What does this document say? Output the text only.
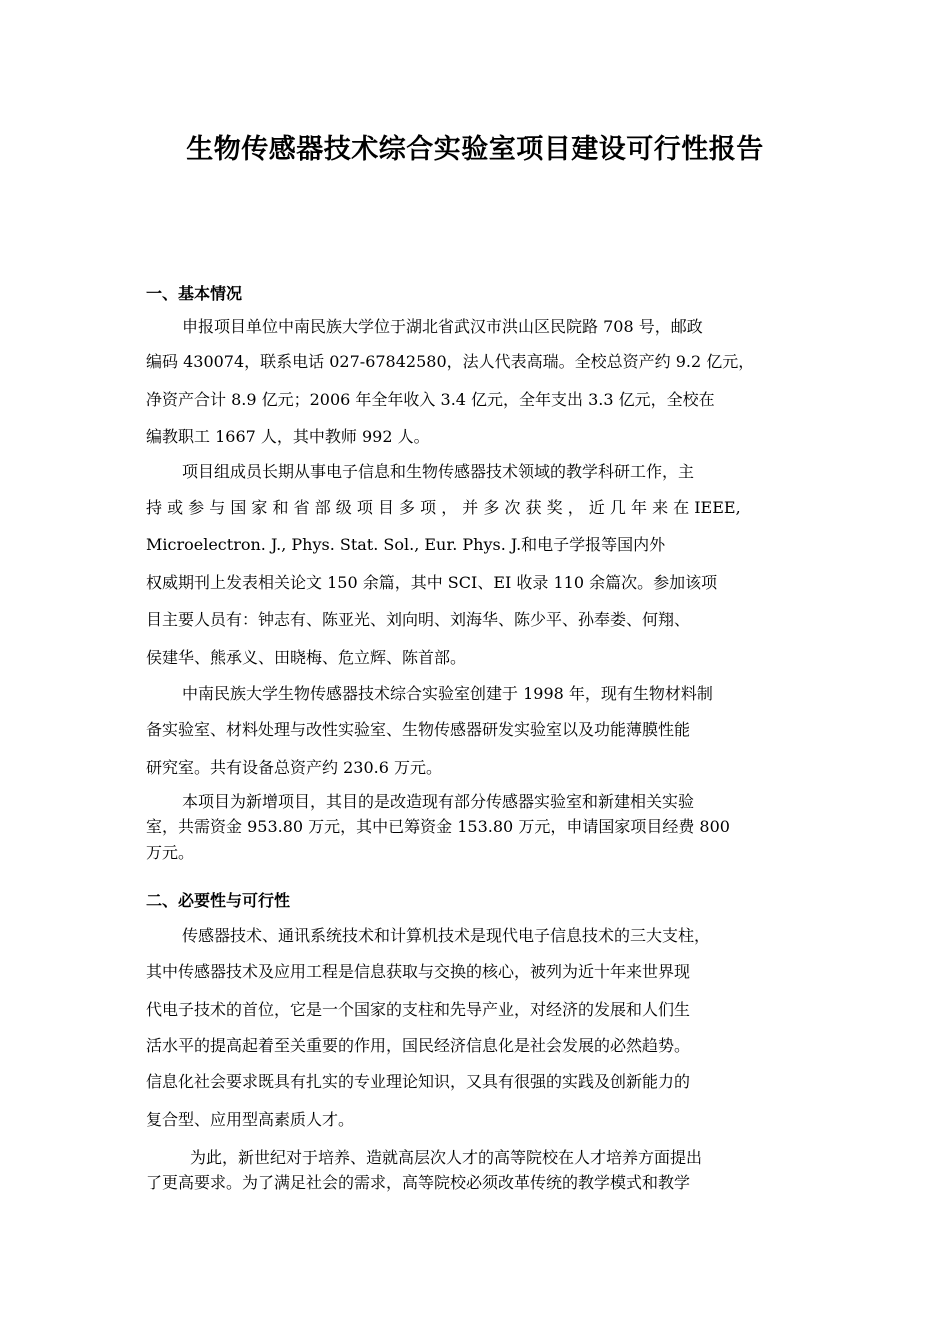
生物传感器技术综合实验室项目建设可行性报告
一、基本情况
申报项目单位中南民族大学位于湖北省武汉市洪山区民院路 708 号，邮政
编码 430074，联系电话 027-67842580，法人代表高瑞。全校总资产约 9.2 亿元，
净资产合计 8.9 亿元；2006 年全年收入 3.4 亿元，全年支出 3.3 亿元，全校在
编教职工 1667 人，其中教师 992 人。
项目组成员长期从事电子信息和生物传感器技术领域的教学科研工作，主
持 或 参 与 国 家 和 省 部 级 项 目 多 项 ， 并 多 次 获 奖 ， 近 几 年 来 在 IEEE,
Microelectron. J., Phys. Stat. Sol., Eur. Phys. J.和电子学报等国内外
权威期刊上发表相关论文 150 余篇，其中 SCI、EI 收录 110 余篇次。参加该项
目主要人员有：钟志有、陈亚光、刘向明、刘海华、陈少平、孙奉娄、何翔、
侯建华、熊承义、田晓梅、危立辉、陈首部。
中南民族大学生物传感器技术综合实验室创建于 1998 年，现有生物材料制
备实验室、材料处理与改性实验室、生物传感器研发实验室以及功能薄膜性能
研究室。共有设备总资产约 230.6 万元。
本项目为新增项目，其目的是改造现有部分传感器实验室和新建相关实验
室，共需资金 953.80 万元，其中已筹资金 153.80 万元，申请国家项目经费 800
万元。
二、必要性与可行性
传感器技术、通讯系统技术和计算机技术是现代电子信息技术的三大支柱，
其中传感器技术及应用工程是信息获取与交换的核心，被列为近十年来世界现
代电子技术的首位，它是一个国家的支柱和先导产业，对经济的发展和人们生
活水平的提高起着至关重要的作用，国民经济信息化是社会发展的必然趋势。
信息化社会要求既具有扎实的专业理论知识，又具有很强的实践及创新能力的
复合型、应用型高素质人才。
为此，新世纪对于培养、造就高层次人才的高等院校在人才培养方面提出
了更高要求。为了满足社会的需求，高等院校必须改革传统的教学模式和教学
